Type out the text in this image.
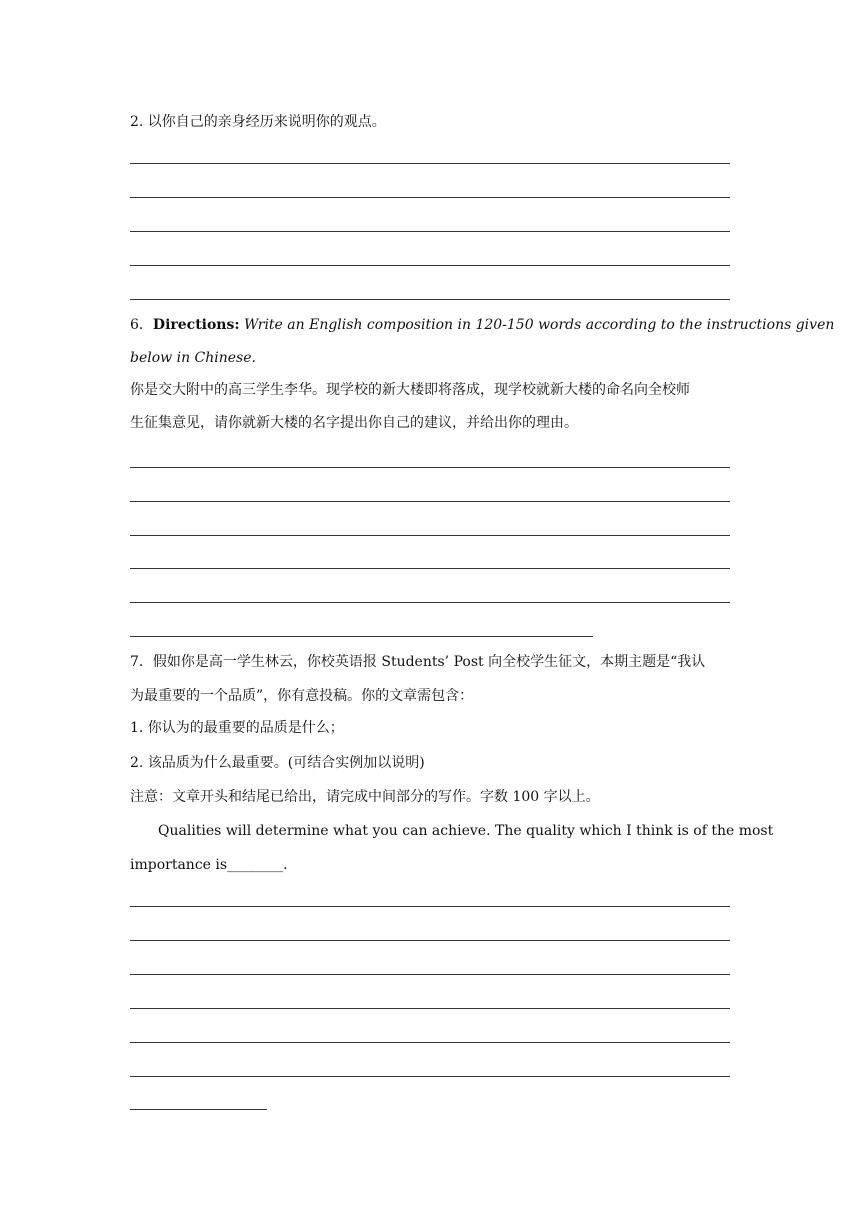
2. 以你自己的亲身经历来说明你的观点。
6．Directions: Write an English composition in 120-150 words according to the instructions given
below in Chinese.
你是交大附中的高三学生李华。现学校的新大楼即将落成，现学校就新大楼的命名向全校师
生征集意见，请你就新大楼的名字提出你自己的建议，并给出你的理由。
7．假如你是高一学生林云，你校英语报 Students’ Post 向全校学生征文，本期主题是“我认
为最重要的一个品质”，你有意投稿。你的文章需包含：
1. 你认为的最重要的品质是什么；
2. 该品质为什么最重要。(可结合实例加以说明)
注意：文章开头和结尾已给出，请完成中间部分的写作。字数 100 字以上。
Qualities will determine what you can achieve. The quality which I think is of the most
importance is________.
